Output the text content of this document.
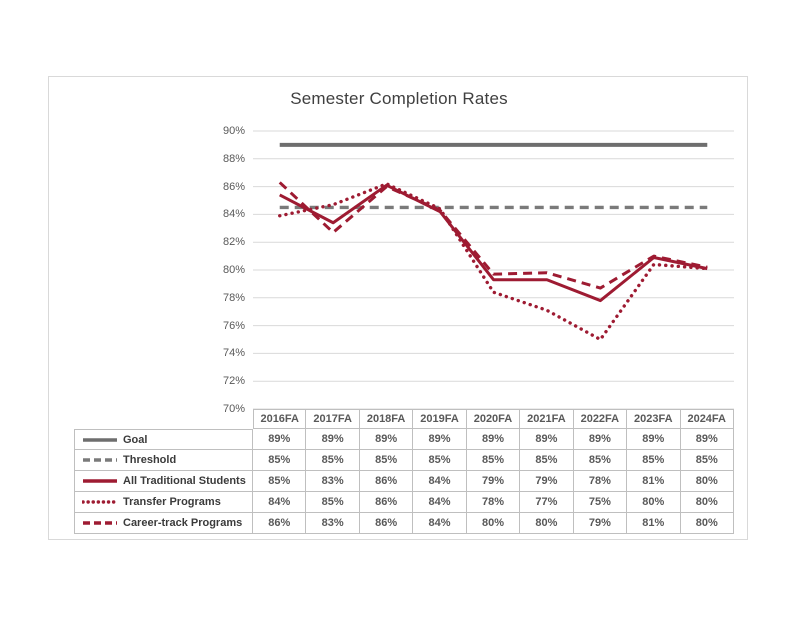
Semester Completion Rates
90%
88%
86%
84%
82%
80%
78%
76%
74%
72%
70%
2016FA	2017FA	2018FA	2019FA	2020FA	2021FA	2022FA	2023FA	2024FA
Goal	89%	89%	89%	89%	89%	89%	89%	89%	89%
Threshold	85%	85%	85%	85%	85%	85%	85%	85%	85%
All Traditional Students	85%	83%	86%	84%	79%	79%	78%	81%	80%
Transfer Programs	84%	85%	86%	84%	78%	77%	75%	80%	80%
Career-track Programs	86%	83%	86%	84%	80%	80%	79%	81%	80%
